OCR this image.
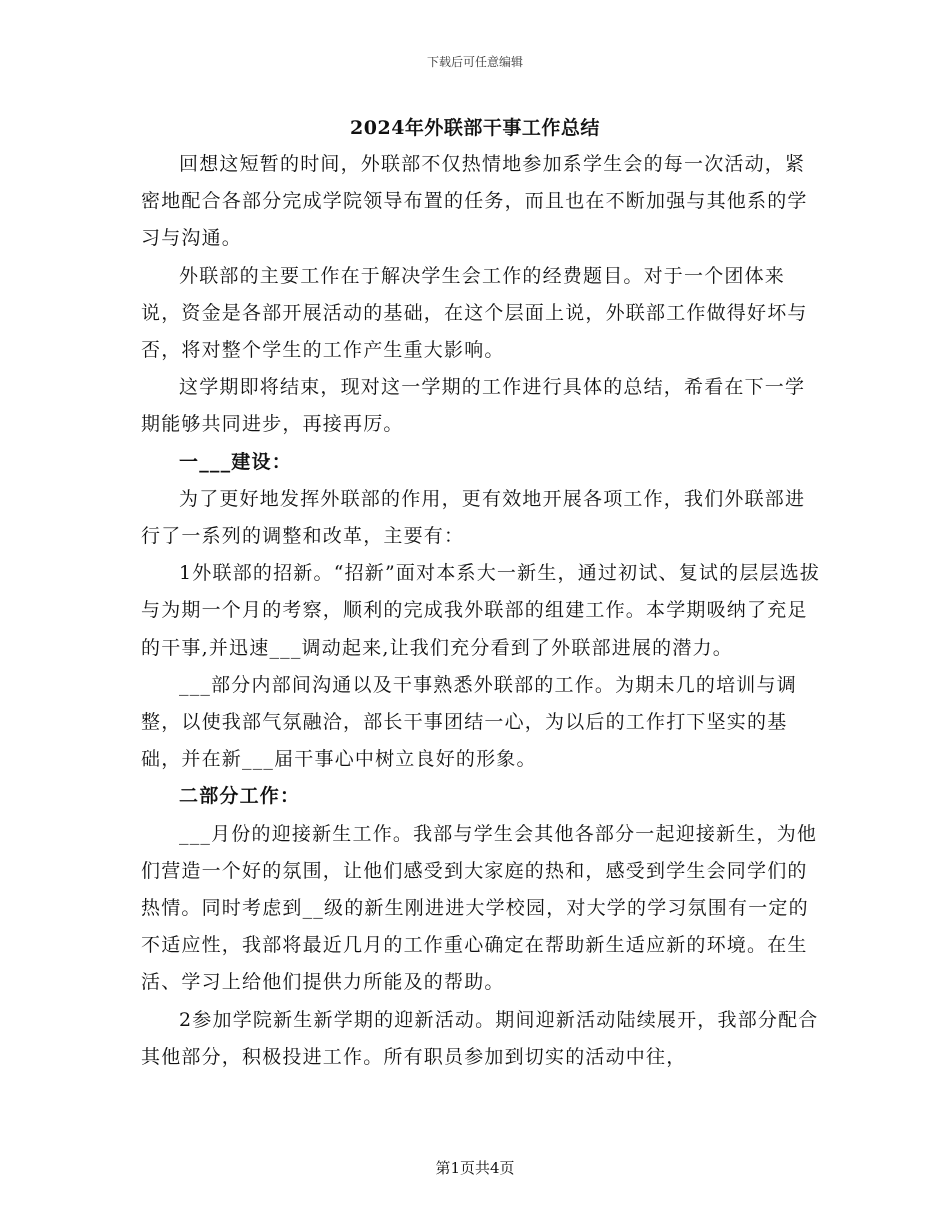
下载后可任意编辑
2024年外联部干事工作总结

回想这短暂的时间，外联部不仅热情地参加系学生会的每一次活动，紧密地配合各部分完成学院领导布置的任务，而且也在不断加强与其他系的学习与沟通。

外联部的主要工作在于解决学生会工作的经费题目。对于一个团体来说，资金是各部开展活动的基础，在这个层面上说，外联部工作做得好坏与否，将对整个学生的工作产生重大影响。

这学期即将结束，现对这一学期的工作进行具体的总结，希看在下一学期能够共同进步，再接再厉。

一___建设：

为了更好地发挥外联部的作用，更有效地开展各项工作，我们外联部进行了一系列的调整和改革，主要有：

1外联部的招新。“招新”面对本系大一新生，通过初试、复试的层层选拔与为期一个月的考察，顺利的完成我外联部的组建工作。本学期吸纳了充足的干事,并迅速___调动起来,让我们充分看到了外联部进展的潜力。

___部分内部间沟通以及干事熟悉外联部的工作。为期未几的培训与调整，以使我部气氛融洽，部长干事团结一心，为以后的工作打下坚实的基础，并在新___届干事心中树立良好的形象。

二部分工作：

___月份的迎接新生工作。我部与学生会其他各部分一起迎接新生，为他们营造一个好的氛围，让他们感受到大家庭的热和，感受到学生会同学们的热情。同时考虑到__级的新生刚进进大学校园，对大学的学习氛围有一定的不适应性，我部将最近几月的工作重心确定在帮助新生适应新的环境。在生活、学习上给他们提供力所能及的帮助。

2参加学院新生新学期的迎新活动。期间迎新活动陆续展开，我部分配合其他部分，积极投进工作。所有职员参加到切实的活动中往，

第1页共4页
